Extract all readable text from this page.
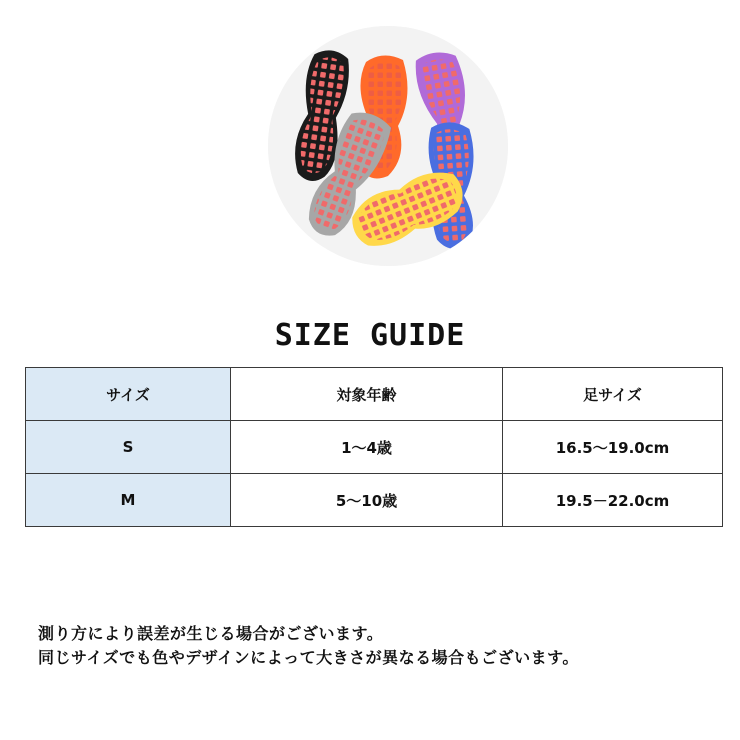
SIZE GUIDE
サイズ	対象年齢	足サイズ
S	1～4歳	16.5～19.0cm
M	5～10歳	19.5－22.0cm
測り方により誤差が生じる場合がございます。
同じサイズでも色やデザインによって大きさが異なる場合もございます。
